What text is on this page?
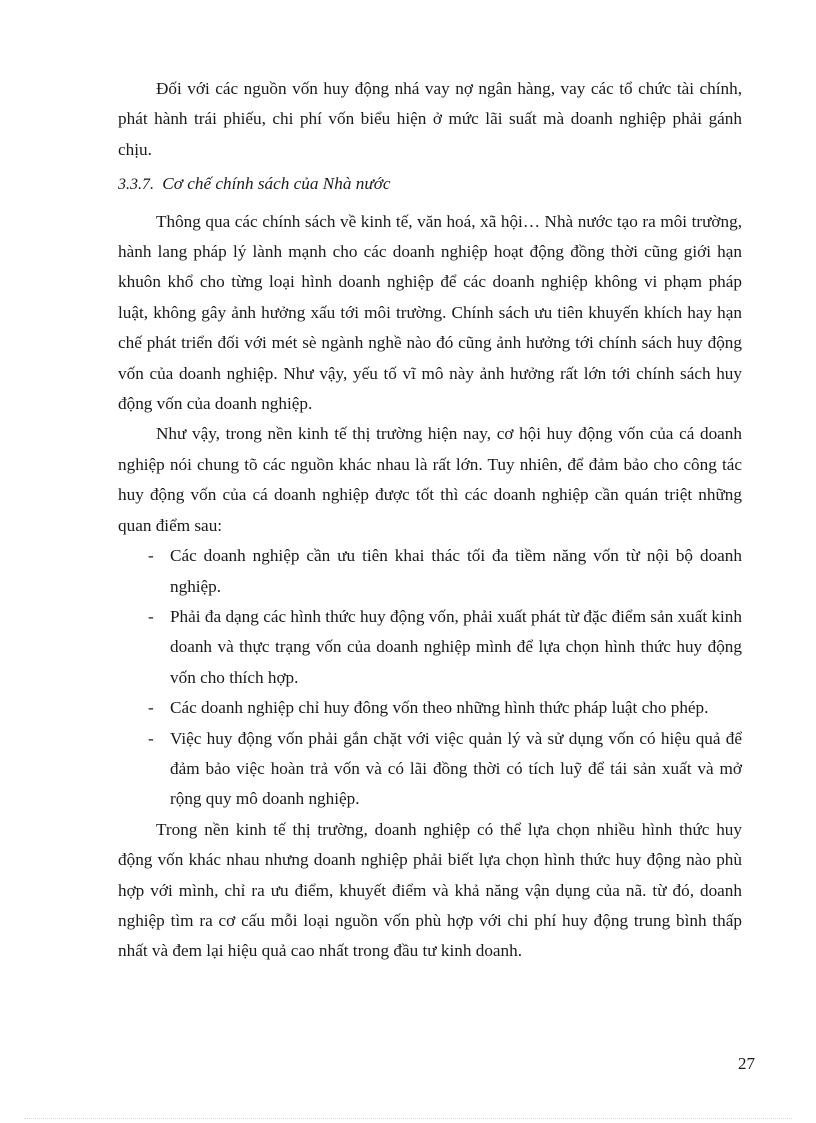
Đối với các nguồn vốn huy động nhá vay nợ ngân hàng, vay các tổ chức tài chính, phát hành trái phiếu, chi phí vốn biểu hiện ở mức lãi suất mà doanh nghiệp phải gánh chịu.

3.3.7. Cơ chế chính sách của Nhà nước

Thông qua các chính sách về kinh tế, văn hoá, xã hội… Nhà nước tạo ra môi trường, hành lang pháp lý lành mạnh cho các doanh nghiệp hoạt động đồng thời cũng giới hạn khuôn khổ cho từng loại hình doanh nghiệp để các doanh nghiệp không vi phạm pháp luật, không gây ảnh hưởng xấu tới môi trường. Chính sách ưu tiên khuyến khích hay hạn chế phát triển đối với mét sè ngành nghề nào đó cũng ảnh hưởng tới chính sách huy động vốn của doanh nghiệp. Như vậy, yếu tố vĩ mô này ảnh hưởng rất lớn tới chính sách huy động vốn của doanh nghiệp.

Như vậy, trong nền kinh tế thị trường hiện nay, cơ hội huy động vốn của cá doanh nghiệp nói chung tõ các nguồn khác nhau là rất lớn. Tuy nhiên, để đảm bảo cho công tác huy động vốn của cá doanh nghiệp được tốt thì các doanh nghiệp cần quán triệt những quan điểm sau:

- Các doanh nghiệp cần ưu tiên khai thác tối đa tiềm năng vốn từ nội bộ doanh nghiệp.
- Phải đa dạng các hình thức huy động vốn, phải xuất phát từ đặc điểm sản xuất kinh doanh và thực trạng vốn của doanh nghiệp mình để lựa chọn hình thức huy động vốn cho thích hợp.
- Các doanh nghiệp chỉ huy đông vốn theo những hình thức pháp luật cho phép.
- Việc huy động vốn phải gắn chặt với việc quản lý và sử dụng vốn có hiệu quả để đảm bảo việc hoàn trả vốn và có lãi đồng thời có tích luỹ để tái sản xuất và mở rộng quy mô doanh nghiệp.

Trong nền kinh tế thị trường, doanh nghiệp có thể lựa chọn nhiều hình thức huy động vốn khác nhau nhưng doanh nghiệp phải biết lựa chọn hình thức huy động nào phù hợp với mình, chỉ ra ưu điểm, khuyết điểm và khả năng vận dụng của nã. từ đó, doanh nghiệp tìm ra cơ cấu mỗi loại nguồn vốn phù hợp với chi phí huy động trung bình thấp nhất và đem lại hiệu quả cao nhất trong đầu tư kinh doanh.

27
